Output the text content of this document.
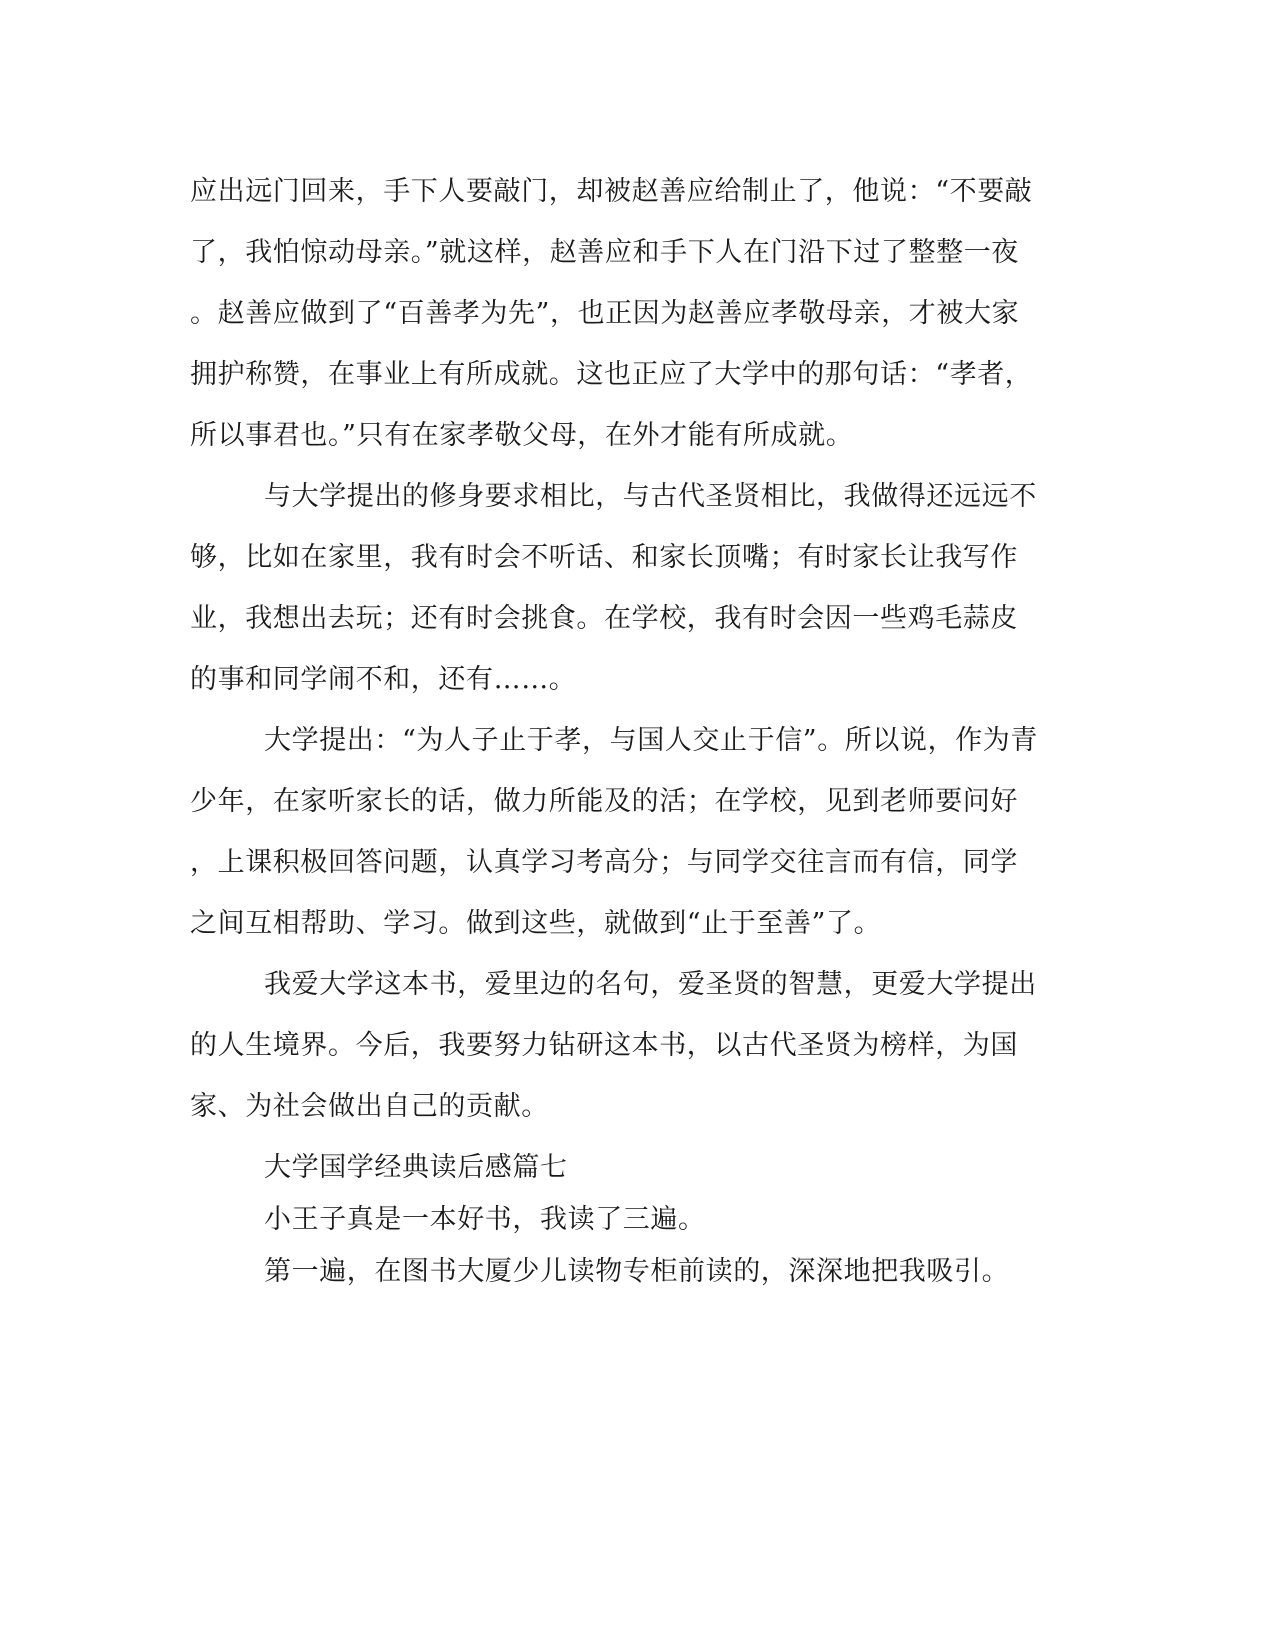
应出远门回来，手下人要敲门，却被赵善应给制止了，他说：“不要敲
了，我怕惊动母亲。”就这样，赵善应和手下人在门沿下过了整整一夜
。赵善应做到了“百善孝为先”，也正因为赵善应孝敬母亲，才被大家
拥护称赞，在事业上有所成就。这也正应了大学中的那句话：“孝者，
所以事君也。”只有在家孝敬父母，在外才能有所成就。
与大学提出的修身要求相比，与古代圣贤相比，我做得还远远不
够，比如在家里，我有时会不听话、和家长顶嘴；有时家长让我写作
业，我想出去玩；还有时会挑食。在学校，我有时会因一些鸡毛蒜皮
的事和同学闹不和，还有……。
大学提出：“为人子止于孝，与国人交止于信”。所以说，作为青
少年，在家听家长的话，做力所能及的活；在学校，见到老师要问好
，上课积极回答问题，认真学习考高分；与同学交往言而有信，同学
之间互相帮助、学习。做到这些，就做到“止于至善”了。
我爱大学这本书，爱里边的名句，爱圣贤的智慧，更爱大学提出
的人生境界。今后，我要努力钻研这本书，以古代圣贤为榜样，为国
家、为社会做出自己的贡献。
大学国学经典读后感篇七
小王子真是一本好书，我读了三遍。
第一遍，在图书大厦少儿读物专柜前读的，深深地把我吸引。
